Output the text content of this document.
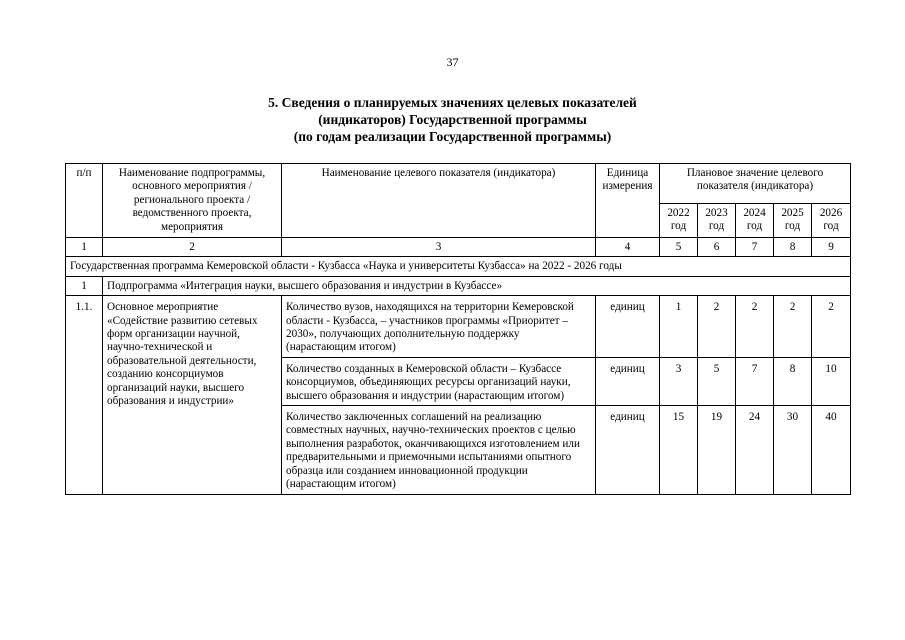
37
5. Сведения о планируемых значениях целевых показателей
(индикаторов) Государственной программы
(по годам реализации Государственной программы)
п/п	Наименование подпрограммы, основного мероприятия / регионального проекта / ведомственного проекта, мероприятия	Наименование целевого показателя (индикатора)	Единица измерения	Плановое значение целевого показателя (индикатора)				
				2022 год	2023 год	2024 год	2025 год	2026 год
1	2	3	4	5	6	7	8	9
Государственная программа Кемеровской области - Кузбасса «Наука и университеты Кузбасса» на 2022 - 2026 годы								
1	Подпрограмма «Интеграция науки, высшего образования и индустрии в Кузбассе»							
1.1.	Основное мероприятие «Содействие развитию сетевых форм организации научной, научно-технической и образовательной деятельности, созданию консорциумов организаций науки, высшего образования и индустрии»	Количество вузов, находящихся на территории Кемеровской области - Кузбасса, – участников программы «Приоритет – 2030», получающих дополнительную поддержку (нарастающим итогом)	единиц	1	2	2	2	2
		Количество созданных в Кемеровской области – Кузбассе консорциумов, объединяющих ресурсы организаций науки, высшего образования и индустрии (нарастающим итогом)	единиц	3	5	7	8	10
		Количество заключенных соглашений на реализацию совместных научных, научно-технических проектов с целью выполнения разработок, оканчивающихся изготовлением или предварительными и приемочными испытаниями опытного образца или созданием инновационной продукции (нарастающим итогом)	единиц	15	19	24	30	40
